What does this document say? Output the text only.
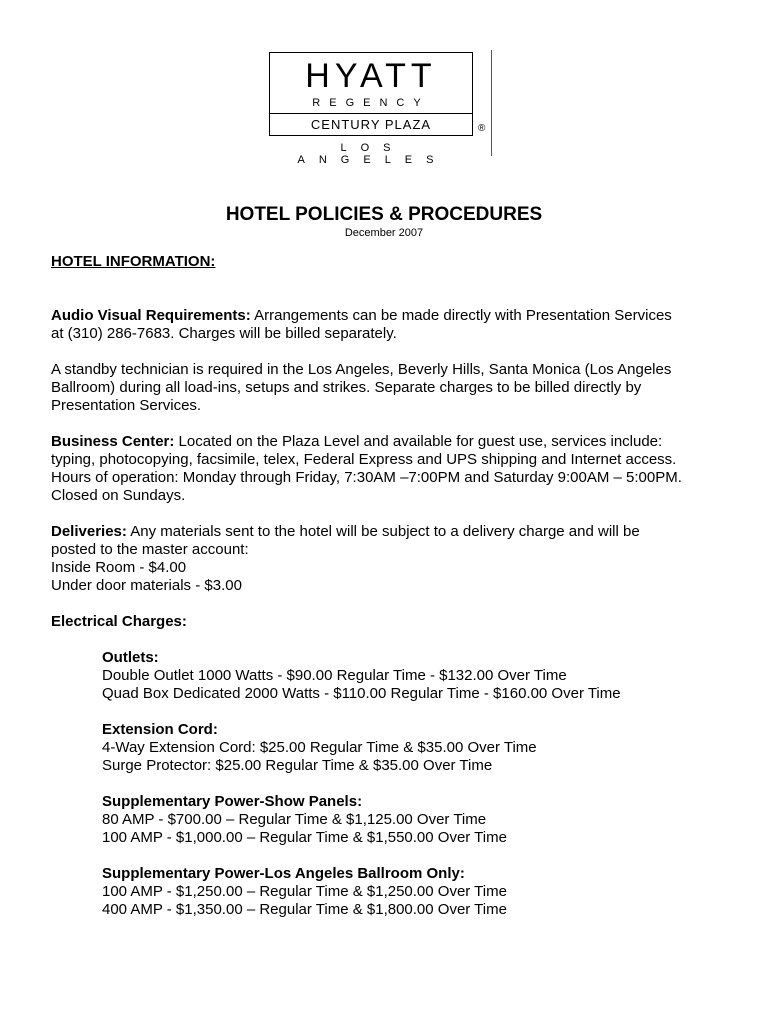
HYATT
REGENCY
CENTURY PLAZA
LOS ANGELES
®
HOTEL POLICIES & PROCEDURES
December 2007

HOTEL INFORMATION:

Audio Visual Requirements: Arrangements can be made directly with Presentation Services

at (310) 286-7683. Charges will be billed separately.

A standby technician is required in the Los Angeles, Beverly Hills, Santa Monica (Los Angeles

Ballroom) during all load-ins, setups and strikes. Separate charges to be billed directly by

Presentation Services.

Business Center: Located on the Plaza Level and available for guest use, services include:

typing, photocopying, facsimile, telex, Federal Express and UPS shipping and Internet access.

Hours of operation: Monday through Friday, 7:30AM –7:00PM and Saturday 9:00AM – 5:00PM.

Closed on Sundays.

Deliveries: Any materials sent to the hotel will be subject to a delivery charge and will be

posted to the master account:

Inside Room - $4.00

Under door materials - $3.00

Electrical Charges:

Outlets:

Double Outlet 1000 Watts - $90.00 Regular Time - $132.00 Over Time

Quad Box Dedicated 2000 Watts - $110.00 Regular Time - $160.00 Over Time

Extension Cord:

4-Way Extension Cord: $25.00 Regular Time & $35.00 Over Time

Surge Protector: $25.00 Regular Time & $35.00 Over Time

Supplementary Power-Show Panels:

80 AMP - $700.00 – Regular Time & $1,125.00 Over Time

100 AMP - $1,000.00 – Regular Time & $1,550.00 Over Time

Supplementary Power-Los Angeles Ballroom Only:

100 AMP - $1,250.00 – Regular Time & $1,250.00 Over Time

400 AMP - $1,350.00 – Regular Time & $1,800.00 Over Time
